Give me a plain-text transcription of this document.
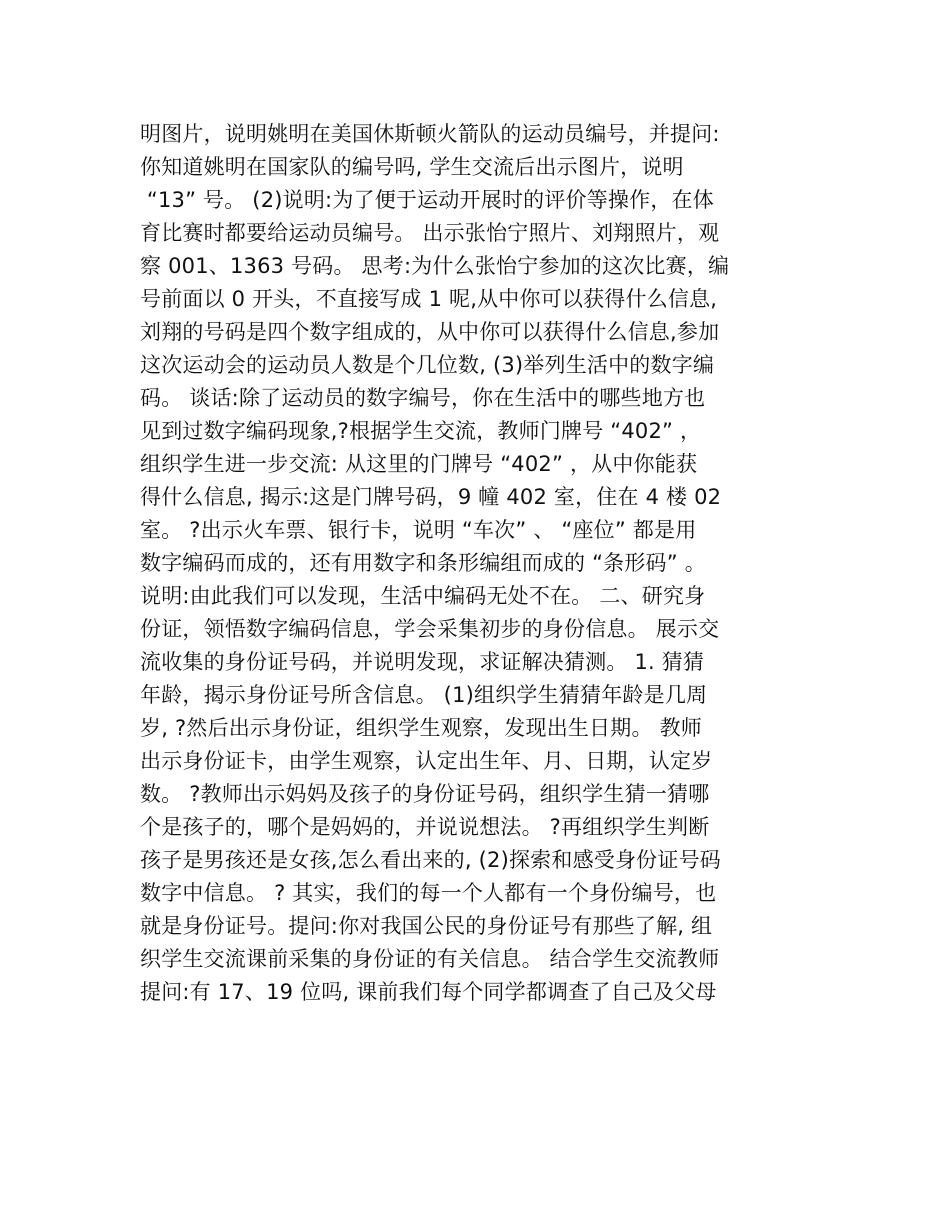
明图片，说明姚明在美国休斯顿火箭队的运动员编号，并提问:
你知道姚明在国家队的编号吗, 学生交流后出示图片，说明
“13” 号。 (2)说明:为了便于运动开展时的评价等操作，在体
育比赛时都要给运动员编号。 出示张怡宁照片、刘翔照片，观
察 001、1363 号码。 思考:为什么张怡宁参加的这次比赛，编
号前面以 0 开头，不直接写成 1 呢,从中你可以获得什么信息,
刘翔的号码是四个数字组成的，从中你可以获得什么信息,参加
这次运动会的运动员人数是个几位数, (3)举列生活中的数字编
码。 谈话:除了运动员的数字编号，你在生活中的哪些地方也
见到过数字编码现象,?根据学生交流，教师门牌号 “402” ，
组织学生进一步交流: 从这里的门牌号 “402” ，从中你能获
得什么信息, 揭示:这是门牌号码，9 幢 402 室，住在 4 楼 02
室。 ?出示火车票、银行卡，说明 “车次” 、 “座位” 都是用
数字编码而成的，还有用数字和条形编组而成的 “条形码” 。
说明:由此我们可以发现，生活中编码无处不在。 二、研究身
份证，领悟数字编码信息，学会采集初步的身份信息。 展示交
流收集的身份证号码，并说明发现，求证解决猜测。 1. 猜猜
年龄，揭示身份证号所含信息。 (1)组织学生猜猜年龄是几周
岁, ?然后出示身份证，组织学生观察，发现出生日期。 教师
出示身份证卡，由学生观察，认定出生年、月、日期，认定岁
数。 ?教师出示妈妈及孩子的身份证号码，组织学生猜一猜哪
个是孩子的，哪个是妈妈的，并说说想法。 ?再组织学生判断
孩子是男孩还是女孩,怎么看出来的, (2)探索和感受身份证号码
数字中信息。 ? 其实，我们的每一个人都有一个身份编号，也
就是身份证号。提问:你对我国公民的身份证号有那些了解, 组
织学生交流课前采集的身份证的有关信息。 结合学生交流教师
提问:有 17、19 位吗, 课前我们每个同学都调查了自己及父母
